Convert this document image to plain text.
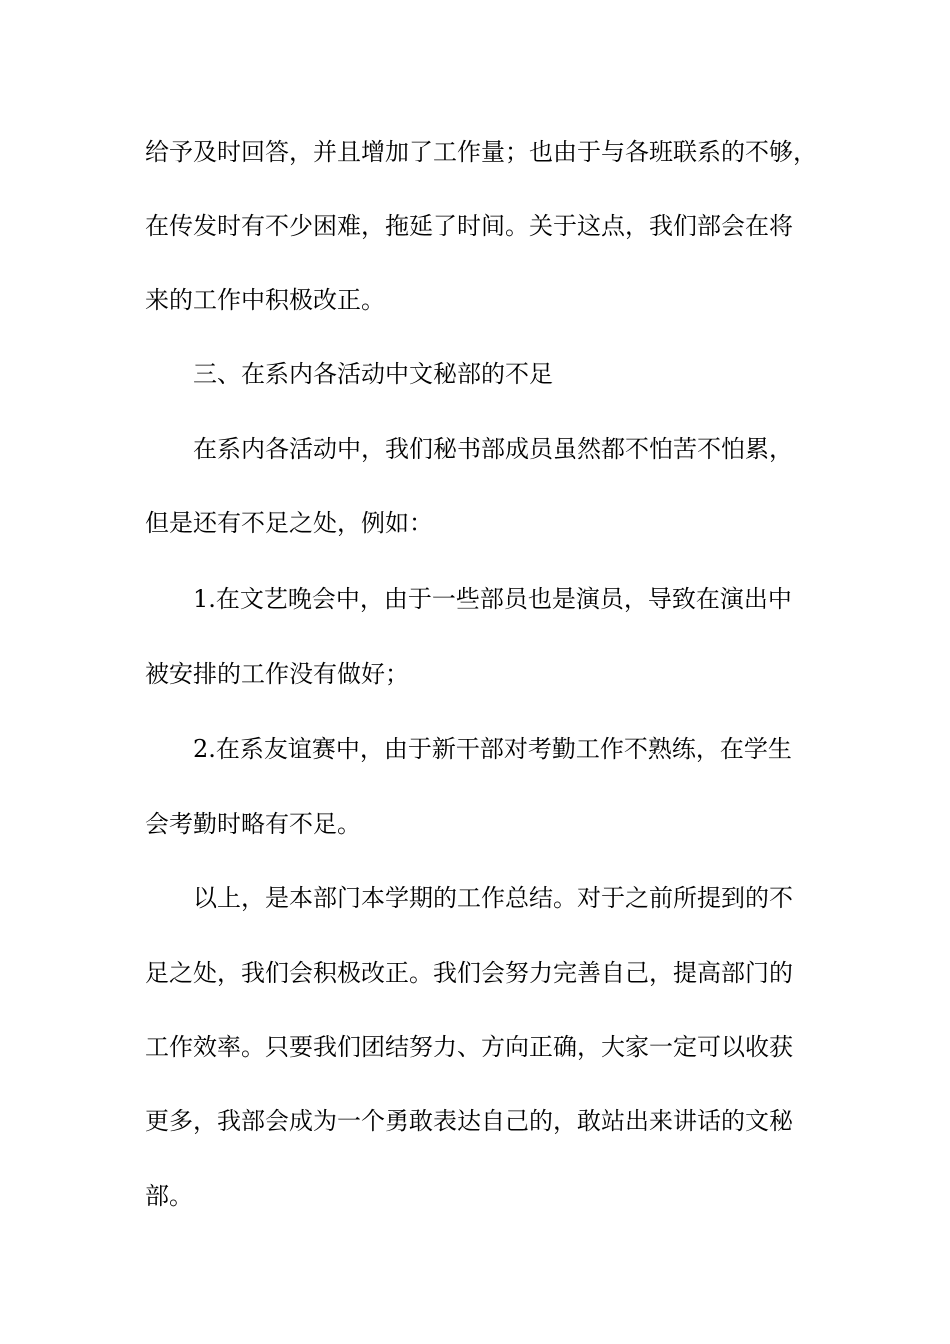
给予及时回答，并且增加了工作量；也由于与各班联系的不够，
在传发时有不少困难，拖延了时间。关于这点，我们部会在将
来的工作中积极改正。
三、在系内各活动中文秘部的不足
在系内各活动中，我们秘书部成员虽然都不怕苦不怕累，
但是还有不足之处，例如：
1.在文艺晚会中，由于一些部员也是演员，导致在演出中
被安排的工作没有做好；
2.在系友谊赛中，由于新干部对考勤工作不熟练，在学生
会考勤时略有不足。
以上，是本部门本学期的工作总结。对于之前所提到的不
足之处，我们会积极改正。我们会努力完善自己，提高部门的
工作效率。只要我们团结努力、方向正确，大家一定可以收获
更多，我部会成为一个勇敢表达自己的，敢站出来讲话的文秘
部。
